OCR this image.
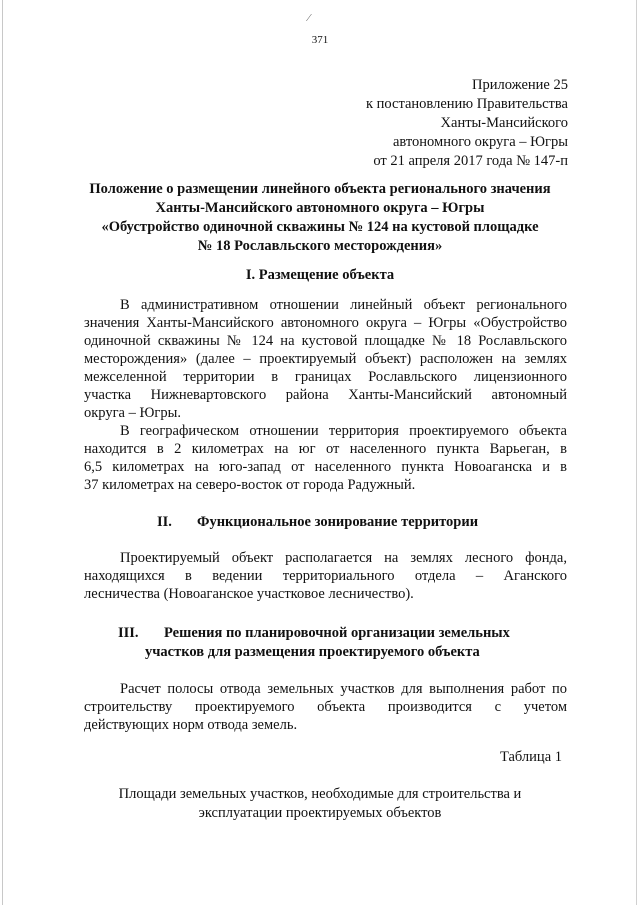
⁄
371
Приложение 25
к постановлению Правительства
Ханты-Мансийского
автономного округа – Югры
от 21 апреля 2017 года № 147-п
Положение о размещении линейного объекта регионального значения
Ханты-Мансийского автономного округа – Югры
«Обустройство одиночной скважины № 124 на кустовой площадке
№ 18 Рославльского месторождения»
I. Размещение объекта
В административном отношении линейный объект регионального
значения Ханты-Мансийского автономного округа – Югры «Обустройство
одиночной скважины № 124 на кустовой площадке № 18 Рославльского
месторождения» (далее – проектируемый объект) расположен на землях
межселенной территории в границах Рославльского лицензионного
участка Нижневартовского района Ханты-Мансийский автономный
округа – Югры.
В географическом отношении территория проектируемого объекта
находится в 2 километрах на юг от населенного пункта Варьеган, в
6,5 километрах на юго-запад от населенного пункта Новоаганска и в
37 километрах на северо-восток от города Радужный.
II. Функциональное зонирование территории
Проектируемый объект располагается на землях лесного фонда,
находящихся в ведении территориального отдела – Аганского
лесничества (Новоаганское участковое лесничество).
III. Решения по планировочной организации земельных
участков для размещения проектируемого объекта
Расчет полосы отвода земельных участков для выполнения работ по
строительству проектируемого объекта производится с учетом
действующих норм отвода земель.
Таблица 1
Площади земельных участков, необходимые для строительства и
эксплуатации проектируемых объектов
